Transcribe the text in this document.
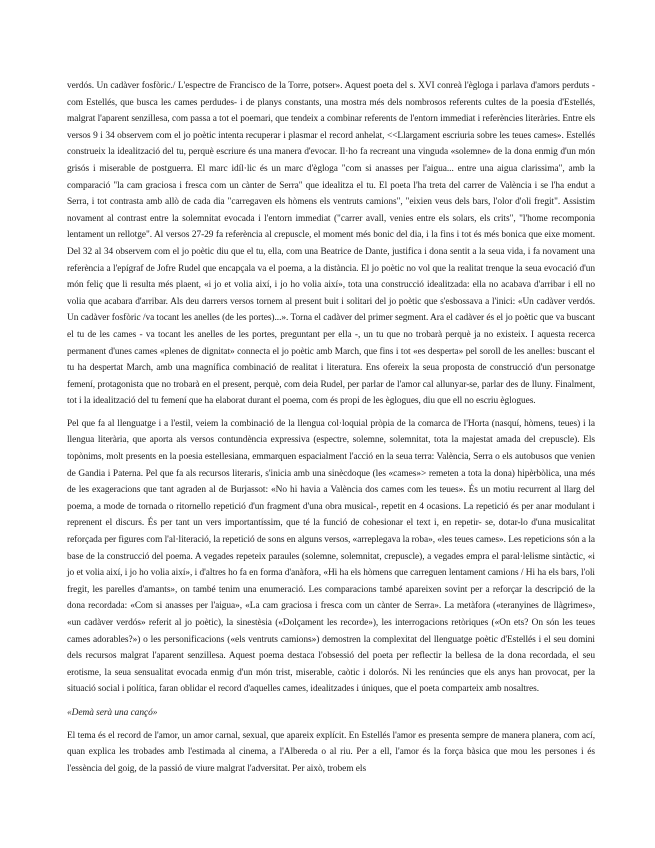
verdós. Un cadàver fosfòric./ L'espectre de Francisco de la Torre, potser». Aquest poeta del s. XVI conreà l'ègloga i parlava d'amors perduts -com Estellés, que busca les cames perdudes- i de planys constants, una mostra més dels nombrosos referents cultes de la poesia d'Estellés, malgrat l'aparent senzillesa, com passa a tot el poemari, que tendeix a combinar referents de l'entorn immediat i referències literàries. Entre els versos 9 i 34 observem com el jo poètic intenta recuperar i plasmar el record anhelat, <<Llargament escriuria sobre les teues cames». Estellés construeix la idealització del tu, perquè escriure és una manera d'evocar. Il·ho fa recreant una vinguda «solemne» de la dona enmig d'un món grisós i miserable de postguerra. El marc idíl·lic és un marc d'ègloga "com si anasses per l'aigua... entre una aigua clarissima", amb la comparació "la cam graciosa i fresca com un cànter de Serra" que idealitza el tu. El poeta l'ha treta del carrer de València i se l'ha endut a Serra, i tot contrasta amb allò de cada dia "carregaven els hòmens els ventruts camions", "eixien veus dels bars, l'olor d'oli fregit". Assistim novament al contrast entre la solemnitat evocada i l'entorn immediat ("carrer avall, venies entre els solars, els crits", "l'home recomponia lentament un rellotge". Al versos 27-29 fa referència al crepuscle, el moment més bonic del dia, i la fins i tot és més bonica que eixe moment. Del 32 al 34 observem com el jo poètic diu que el tu, ella, com una Beatrice de Dante, justifica i dona sentit a la seua vida, i fa novament una referència a l'epígraf de Jofre Rudel que encapçala va el poema, a la distància. El jo poètic no vol que la realitat trenque la seua evocació d'un món feliç que li resulta més plaent, «i jo et volia així, i jo ho volia així», tota una construcció idealitzada: ella no acabava d'arribar i ell no volia que acabara d'arribar. Als deu darrers versos tornem al present buit i solitari del jo poètic que s'esbossava a l'inici: «Un cadàver verdós. Un cadàver fosfòric /va tocant les anelles (de les portes)...». Torna el cadàver del primer segment. Ara el cadàver és el jo poètic que va buscant el tu de les cames - va tocant les anelles de les portes, preguntant per ella -, un tu que no trobarà perquè ja no existeix. I aquesta recerca permanent d'unes cames «plenes de dignitat» connecta el jo poètic amb March, que fins i tot «es desperta» pel soroll de les anelles: buscant el tu ha despertat March, amb una magnífica combinació de realitat i literatura. Ens ofereix la seua proposta de construcció d'un personatge femení, protagonista que no trobarà en el present, perquè, com deia Rudel, per parlar de l'amor cal allunyar-se, parlar des de lluny. Finalment, tot i la idealització del tu femení que ha elaborat durant el poema, com és propi de les èglogues, diu que ell no escriu èglogues.

Pel que fa al llenguatge i a l'estil, veiem la combinació de la llengua col·loquial pròpia de la comarca de l'Horta (nasquí, hòmens, teues) i la llengua literària, que aporta als versos contundència expressiva (espectre, solemne, solemnitat, tota la majestat amada del crepuscle). Els topònims, molt presents en la poesia estellesiana, emmarquen espacialment l'acció en la seua terra: València, Serra o els autobusos que venien de Gandia i Paterna. Pel que fa als recursos literaris, s'inicia amb una sinècdoque (les «cames»> remeten a tota la dona) hipèrbòlica, una més de les exageracions que tant agraden al de Burjassot: «No hi havia a València dos cames com les teues». És un motiu recurrent al llarg del poema, a mode de tornada o ritornello repetició d'un fragment d'una obra musical-, repetit en 4 ocasions. La repetició és per anar modulant i reprenent el discurs. És per tant un vers importantíssim, que té la funció de cohesionar el text i, en repetir- se, dotar-lo d'una musicalitat reforçada per figures com l'al·literació, la repetició de sons en alguns versos, «arreplegava la roba», «les teues cames». Les repeticions són a la base de la construcció del poema. A vegades repeteix paraules (solemne, solemnitat, crepuscle), a vegades empra el paral·lelisme sintàctic, «i jo et volia així, i jo ho volia així», i d'altres ho fa en forma d'anàfora, «Hi ha els hòmens que carreguen lentament camions / Hi ha els bars, l'oli fregit, les parelles d'amants», on també tenim una enumeració. Les comparacions també apareixen sovint per a reforçar la descripció de la dona recordada: «Com si anasses per l'aigua», «La cam graciosa i fresca com un cànter de Serra». La metàfora («teranyines de llàgrimes», «un cadàver verdós» referit al jo poètic), la sinestèsia («Dolçament les recorde»), les interrogacions retòriques («On ets? On són les teues cames adorables?») o les personificacions («els ventruts camions») demostren la complexitat del llenguatge poètic d'Estellés i el seu domini dels recursos malgrat l'aparent senzillesa. Aquest poema destaca l'obsessió del poeta per reflectir la bellesa de la dona recordada, el seu erotisme, la seua sensualitat evocada enmig d'un món trist, miserable, caòtic i dolorós. Ni les renúncies que els anys han provocat, per la situació social i política, faran oblidar el record d'aquelles cames, idealitzades i úniques, que el poeta comparteix amb nosaltres.

«Demà serà una cançó»

El tema és el record de l'amor, un amor carnal, sexual, que apareix explícit. En Estellés l'amor es presenta sempre de manera planera, com ací, quan explica les trobades amb l'estimada al cinema, a l'Albereda o al riu. Per a ell, l'amor és la força bàsica que mou les persones i és l'essència del goig, de la passió de viure malgrat l'adversitat. Per això, trobem els
